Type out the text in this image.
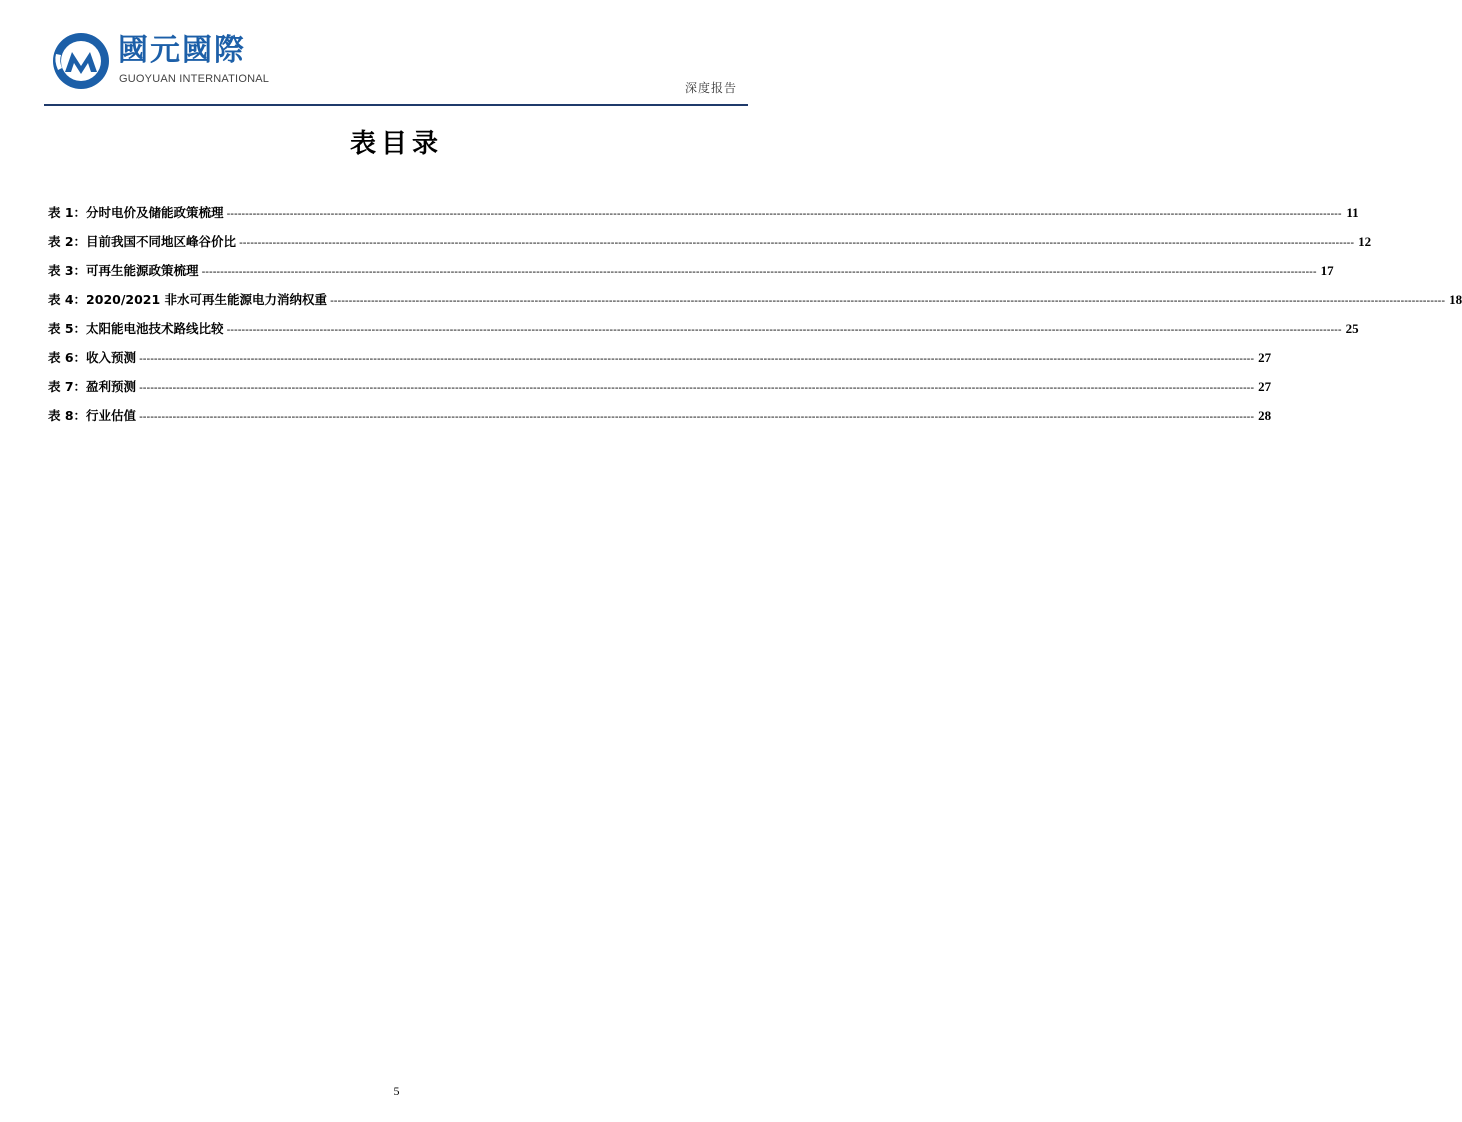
國元國際
GUOYUAN INTERNATIONAL
深度报告
表目录
表 1：分时电价及储能政策梳理 ------------------------------------------------------------------------------------------------------------------------------------------------------------------------------------------------------------------------------------------------------------------------------------------------------------ 11
表 2：目前我国不同地区峰谷价比 ------------------------------------------------------------------------------------------------------------------------------------------------------------------------------------------------------------------------------------------------------------------------------------------------------------ 12
表 3：可再生能源政策梳理 ------------------------------------------------------------------------------------------------------------------------------------------------------------------------------------------------------------------------------------------------------------------------------------------------------------ 17
表 4：2020/2021 非水可再生能源电力消纳权重 ------------------------------------------------------------------------------------------------------------------------------------------------------------------------------------------------------------------------------------------------------------------------------------------------------------ 18
表 5：太阳能电池技术路线比较 ------------------------------------------------------------------------------------------------------------------------------------------------------------------------------------------------------------------------------------------------------------------------------------------------------------ 25
表 6：收入预测 ------------------------------------------------------------------------------------------------------------------------------------------------------------------------------------------------------------------------------------------------------------------------------------------------------------ 27
表 7：盈利预测 ------------------------------------------------------------------------------------------------------------------------------------------------------------------------------------------------------------------------------------------------------------------------------------------------------------ 27
表 8：行业估值 ------------------------------------------------------------------------------------------------------------------------------------------------------------------------------------------------------------------------------------------------------------------------------------------------------------ 28
5
